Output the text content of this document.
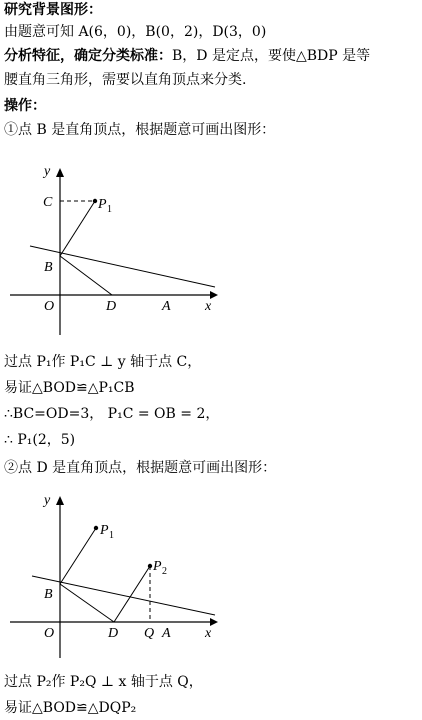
研究背景图形：
由题意可知 A(6，0)，B(0，2)，D(3，0)
分析特征，确定分类标准：B，D 是定点，要使△BDP 是等
腰直角三角形，需要以直角顶点来分类.
操作：
①点 B 是直角顶点，根据题意可画出图形：
y
x
C	P 1
B
O	D	A
过点 P₁作 P₁C ⊥ y 轴于点 C，
易证△BOD≌△P₁CB
∴BC=OD=3， P₁C = OB = 2，
∴ P₁(2，5)
②点 D 是直角顶点，根据题意可画出图形：
y
x
P 1
P 2
B
O	D Q A
过点 P₂作 P₂Q ⊥ x 轴于点 Q，
易证△BOD≌△DQP₂
